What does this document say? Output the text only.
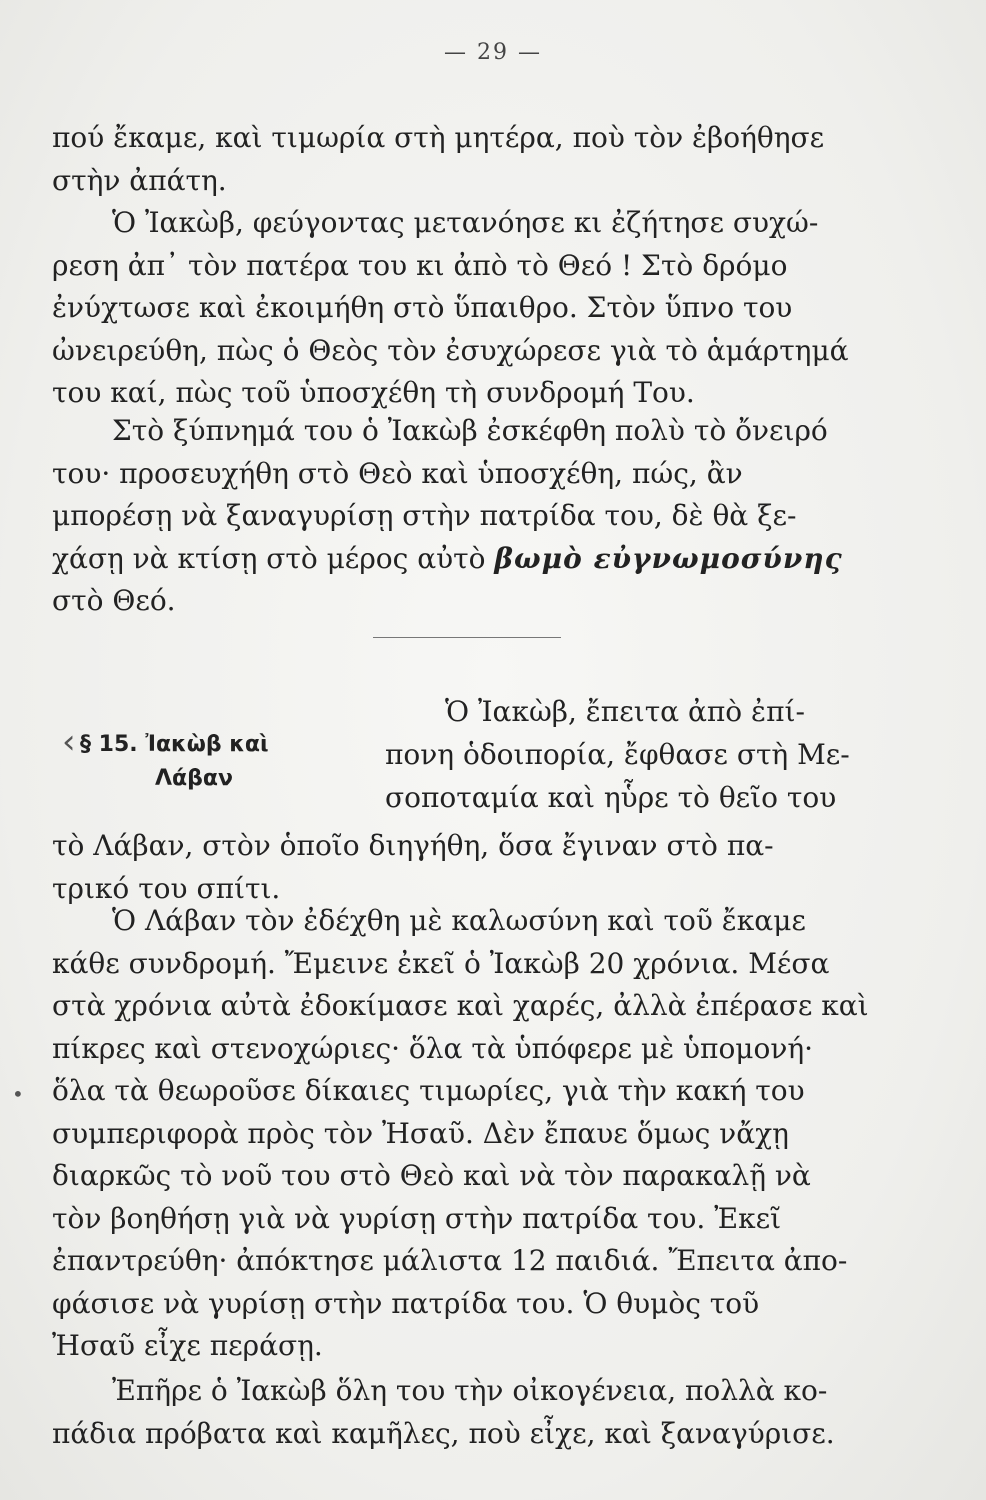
— 29 —
πού ἔκαμε, καὶ τιμωρία στὴ μητέρα, ποὺ τὸν ἐβοήθησε
στὴν ἀπάτη.
Ὁ Ἰακὼβ, φεύγοντας μετανόησε κι ἐζήτησε συχώ-
ρεση ἀπ᾽ τὸν πατέρα του κι ἀπὸ τὸ Θεό ! Στὸ δρόμο
ἐνύχτωσε καὶ ἐκοιμήθη στὸ ὕπαιθρο. Στὸν ὕπνο του
ὠνειρεύθη, πὼς ὁ Θεὸς τὸν ἐσυχώρεσε γιὰ τὸ ἁμάρτημά
του καί, πὼς τοῦ ὑποσχέθη τὴ συνδρομή Του.
Στὸ ξύπνημά του ὁ Ἰακὼβ ἐσκέφθη πολὺ τὸ ὄνειρό
του· προσευχήθη στὸ Θεὸ καὶ ὑποσχέθη, πώς, ἂν
μπορέσῃ νὰ ξαναγυρίσῃ στὴν πατρίδα του, δὲ θὰ ξε-
χάσῃ νὰ κτίσῃ στὸ μέρος αὐτὸ βωμὸ εὐγνωμοσύνης
στὸ Θεό.
‹ § 15. Ἰακὼβ καὶ
Λάβαν
Ὁ Ἰακὼβ, ἔπειτα ἀπὸ ἐπί-
πονη ὁδοιπορία, ἔφθασε στὴ Με-
σοποταμία καὶ ηὗρε τὸ θεῖο του
τὸ Λάβαν, στὸν ὁποῖο διηγήθη, ὅσα ἔγιναν στὸ πα-
τρικό του σπίτι.
Ὁ Λάβαν τὸν ἐδέχθη μὲ καλωσύνη καὶ τοῦ ἔκαμε
κάθε συνδρομή. Ἔμεινε ἐκεῖ ὁ Ἰακὼβ 20 χρόνια. Μέσα
στὰ χρόνια αὐτὰ ἐδοκίμασε καὶ χαρές, ἀλλὰ ἐπέρασε καὶ
πίκρες καὶ στενοχώριες· ὅλα τὰ ὑπόφερε μὲ ὑπομονή·
ὅλα τὰ θεωροῦσε δίκαιες τιμωρίες, γιὰ τὴν κακή του
συμπεριφορὰ πρὸς τὸν Ἠσαῦ. Δὲν ἔπαυε ὅμως νἄχῃ
διαρκῶς τὸ νοῦ του στὸ Θεὸ καὶ νὰ τὸν παρακαλῇ νὰ
τὸν βοηθήσῃ γιὰ νὰ γυρίσῃ στὴν πατρίδα του. Ἐκεῖ
ἐπαντρεύθη· ἀπόκτησε μάλιστα 12 παιδιά. Ἔπειτα ἀπο-
φάσισε νὰ γυρίσῃ στὴν πατρίδα του. Ὁ θυμὸς τοῦ
Ἠσαῦ εἶχε περάσῃ.
•
Ἐπῆρε ὁ Ἰακὼβ ὅλη του τὴν οἰκογένεια, πολλὰ κο-
πάδια πρόβατα καὶ καμῆλες, ποὺ εἶχε, καὶ ξαναγύρισε.
